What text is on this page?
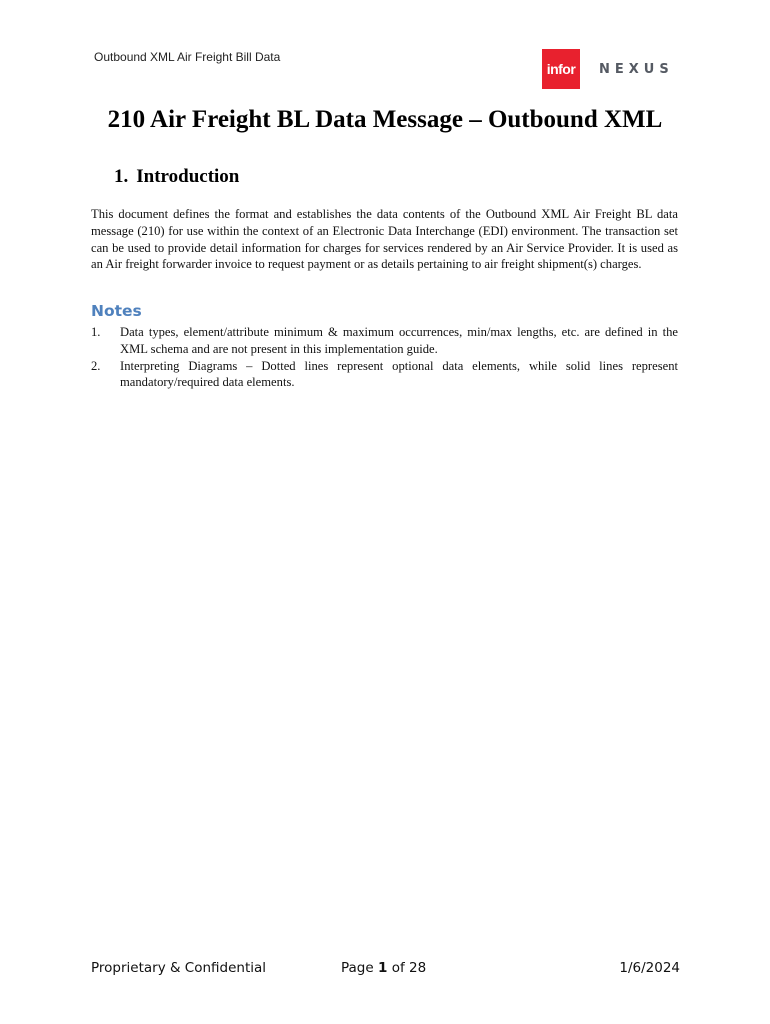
Outbound XML Air Freight Bill Data
infor	NEXUS
210 Air Freight BL Data Message – Outbound XML
1. Introduction

This document defines the format and establishes the data contents of the Outbound XML Air Freight BL data message (210) for use within the context of an Electronic Data Interchange (EDI) environment. The transaction set can be used to provide detail information for charges for services rendered by an Air Service Provider. It is used as an Air freight forwarder invoice to request payment or as details pertaining to air freight shipment(s) charges.

Notes
1.	Data types, element/attribute minimum & maximum occurrences, min/max lengths, etc. are defined in the XML schema and are not present in this implementation guide.
2.	Interpreting Diagrams – Dotted lines represent optional data elements, while solid lines represent mandatory/required data elements.
Proprietary & Confidential	Page 1 of 28	1/6/2024
